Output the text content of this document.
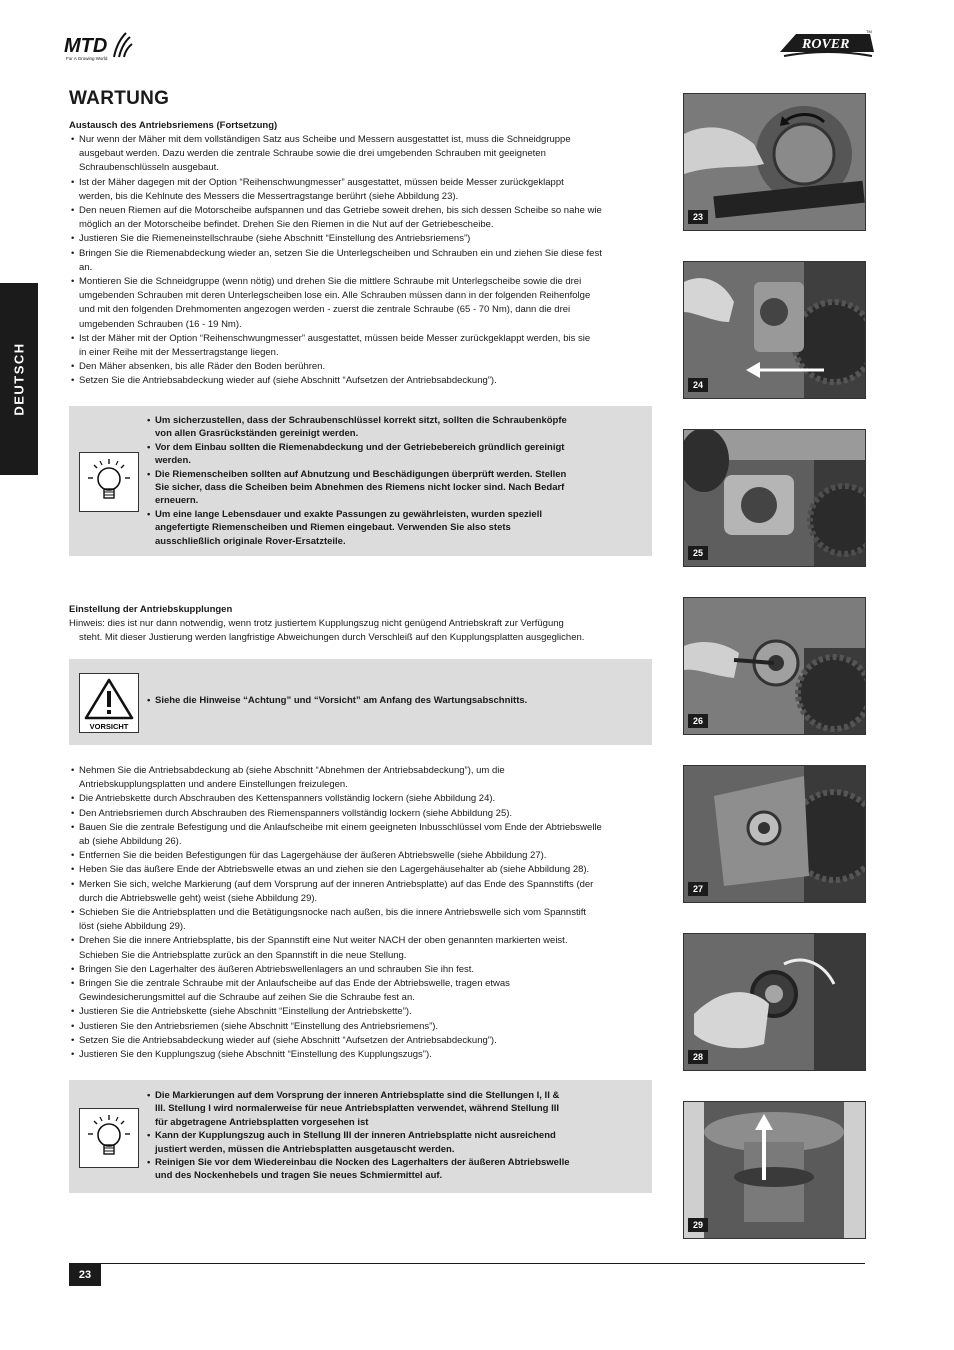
MTD
For A Growing World
ROVER
TM
WARTUNG
DEUTSCH

Austausch des Antriebsriemens (Fortsetzung)

• Nur wenn der Mäher mit dem vollständigen Satz aus Scheibe und Messern ausgestattet ist, muss die Schneidgruppe
ausgebaut werden. Dazu werden die zentrale Schraube sowie die drei umgebenden Schrauben mit geeigneten
Schraubenschlüsseln ausgebaut.
• Ist der Mäher dagegen mit der Option “Reihenschwungmesser” ausgestattet, müssen beide Messer zurückgeklappt
werden, bis die Kehlnute des Messers die Messertragstange berührt (siehe Abbildung 23).
• Den neuen Riemen auf die Motorscheibe aufspannen und das Getriebe soweit drehen, bis sich dessen Scheibe so nahe wie
möglich an der Motorscheibe befindet. Drehen Sie den Riemen in die Nut auf der Getriebescheibe.
• Justieren Sie die Riemeneinstellschraube (siehe Abschnitt “Einstellung des Antriebsriemens”)
• Bringen Sie die Riemenabdeckung wieder an, setzen Sie die Unterlegscheiben und Schrauben ein und ziehen Sie diese fest
an.
• Montieren Sie die Schneidgruppe (wenn nötig) und drehen Sie die mittlere Schraube mit Unterlegscheibe sowie die drei
umgebenden Schrauben mit deren Unterlegscheiben lose ein. Alle Schrauben müssen dann in der folgenden Reihenfolge
und mit den folgenden Drehmomenten angezogen werden - zuerst die zentrale Schraube (65 - 70 Nm), dann die drei
umgebenden Schrauben (16 - 19 Nm).
• Ist der Mäher mit der Option “Reihenschwungmesser” ausgestattet, müssen beide Messer zurückgeklappt werden, bis sie
in einer Reihe mit der Messertragstange liegen.
• Den Mäher absenken, bis alle Räder den Boden berühren.
• Setzen Sie die Antriebsabdeckung wieder auf (siehe Abschnitt “Aufsetzen der Antriebsabdeckung”).
• Um sicherzustellen, dass der Schraubenschlüssel korrekt sitzt, sollten die Schraubenköpfe
von allen Grasrückständen gereinigt werden.
• Vor dem Einbau sollten die Riemenabdeckung und der Getriebebereich gründlich gereinigt
werden.
• Die Riemenscheiben sollten auf Abnutzung und Beschädigungen überprüft werden. Stellen
Sie sicher, dass die Scheiben beim Abnehmen des Riemens nicht locker sind. Nach Bedarf
erneuern.
• Um eine lange Lebensdauer und exakte Passungen zu gewährleisten, wurden speziell
angefertigte Riemenscheiben und Riemen eingebaut. Verwenden Sie also stets
ausschließlich originale Rover-Ersatzteile.

Einstellung der Antriebskupplungen

Hinweis: dies ist nur dann notwendig, wenn trotz justiertem Kupplungszug nicht genügend Antriebskraft zur Verfügung
steht. Mit dieser Justierung werden langfristige Abweichungen durch Verschleiß auf den Kupplungsplatten ausgeglichen.
VORSICHT
• Siehe die Hinweise “Achtung” und “Vorsicht” am Anfang des Wartungsabschnitts.
• Nehmen Sie die Antriebsabdeckung ab (siehe Abschnitt “Abnehmen der Antriebsabdeckung”), um die
Antriebskupplungsplatten und andere Einstellungen freizulegen.
• Die Antriebskette durch Abschrauben des Kettenspanners vollständig lockern (siehe Abbildung 24).
• Den Antriebsriemen durch Abschrauben des Riemenspanners vollständig lockern (siehe Abbildung 25).
• Bauen Sie die zentrale Befestigung und die Anlaufscheibe mit einem geeigneten Inbusschlüssel vom Ende der Abtriebswelle
ab (siehe Abbildung 26).
• Entfernen Sie die beiden Befestigungen für das Lagergehäuse der äußeren Abtriebswelle (siehe Abbildung 27).
• Heben Sie das äußere Ende der Abtriebswelle etwas an und ziehen sie den Lagergehäusehalter ab (siehe Abbildung 28).
• Merken Sie sich, welche Markierung (auf dem Vorsprung auf der inneren Antriebsplatte) auf das Ende des Spannstifts (der
durch die Abtriebswelle geht) weist (siehe Abbildung 29).
• Schieben Sie die Antriebsplatten und die Betätigungsnocke nach außen, bis die innere Antriebswelle sich vom Spannstift
löst (siehe Abbildung 29).
• Drehen Sie die innere Antriebsplatte, bis der Spannstift eine Nut weiter NACH der oben genannten markierten weist.
Schieben Sie die Antriebsplatte zurück an den Spannstift in die neue Stellung.
• Bringen Sie den Lagerhalter des äußeren Abtriebswellenlagers an und schrauben Sie ihn fest.
• Bringen Sie die zentrale Schraube mit der Anlaufscheibe auf das Ende der Abtriebswelle, tragen etwas
Gewindesicherungsmittel auf die Schraube auf zeihen Sie die Schraube fest an.
• Justieren Sie die Antriebskette (siehe Abschnitt “Einstellung der Antriebskette”).
• Justieren Sie den Antriebsriemen (siehe Abschnitt “Einstellung des Antriebsriemens”).
• Setzen Sie die Antriebsabdeckung wieder auf (siehe Abschnitt “Aufsetzen der Antriebsabdeckung”).
• Justieren Sie den Kupplungszug (siehe Abschnitt “Einstellung des Kupplungszugs”).
• Die Markierungen auf dem Vorsprung der inneren Antriebsplatte sind die Stellungen I, II &
III. Stellung I wird normalerweise für neue Antriebsplatten verwendet, während Stellung III
für abgetragene Antriebsplatten vorgesehen ist
• Kann der Kupplungszug auch in Stellung III der inneren Antriebsplatte nicht ausreichend
justiert werden, müssen die Antriebsplatten ausgetauscht werden.
• Reinigen Sie vor dem Wiedereinbau die Nocken des Lagerhalters der äußeren Abtriebswelle
und des Nockenhebels und tragen Sie neues Schmiermittel auf.
23
24
25
26
27
28
29
23
